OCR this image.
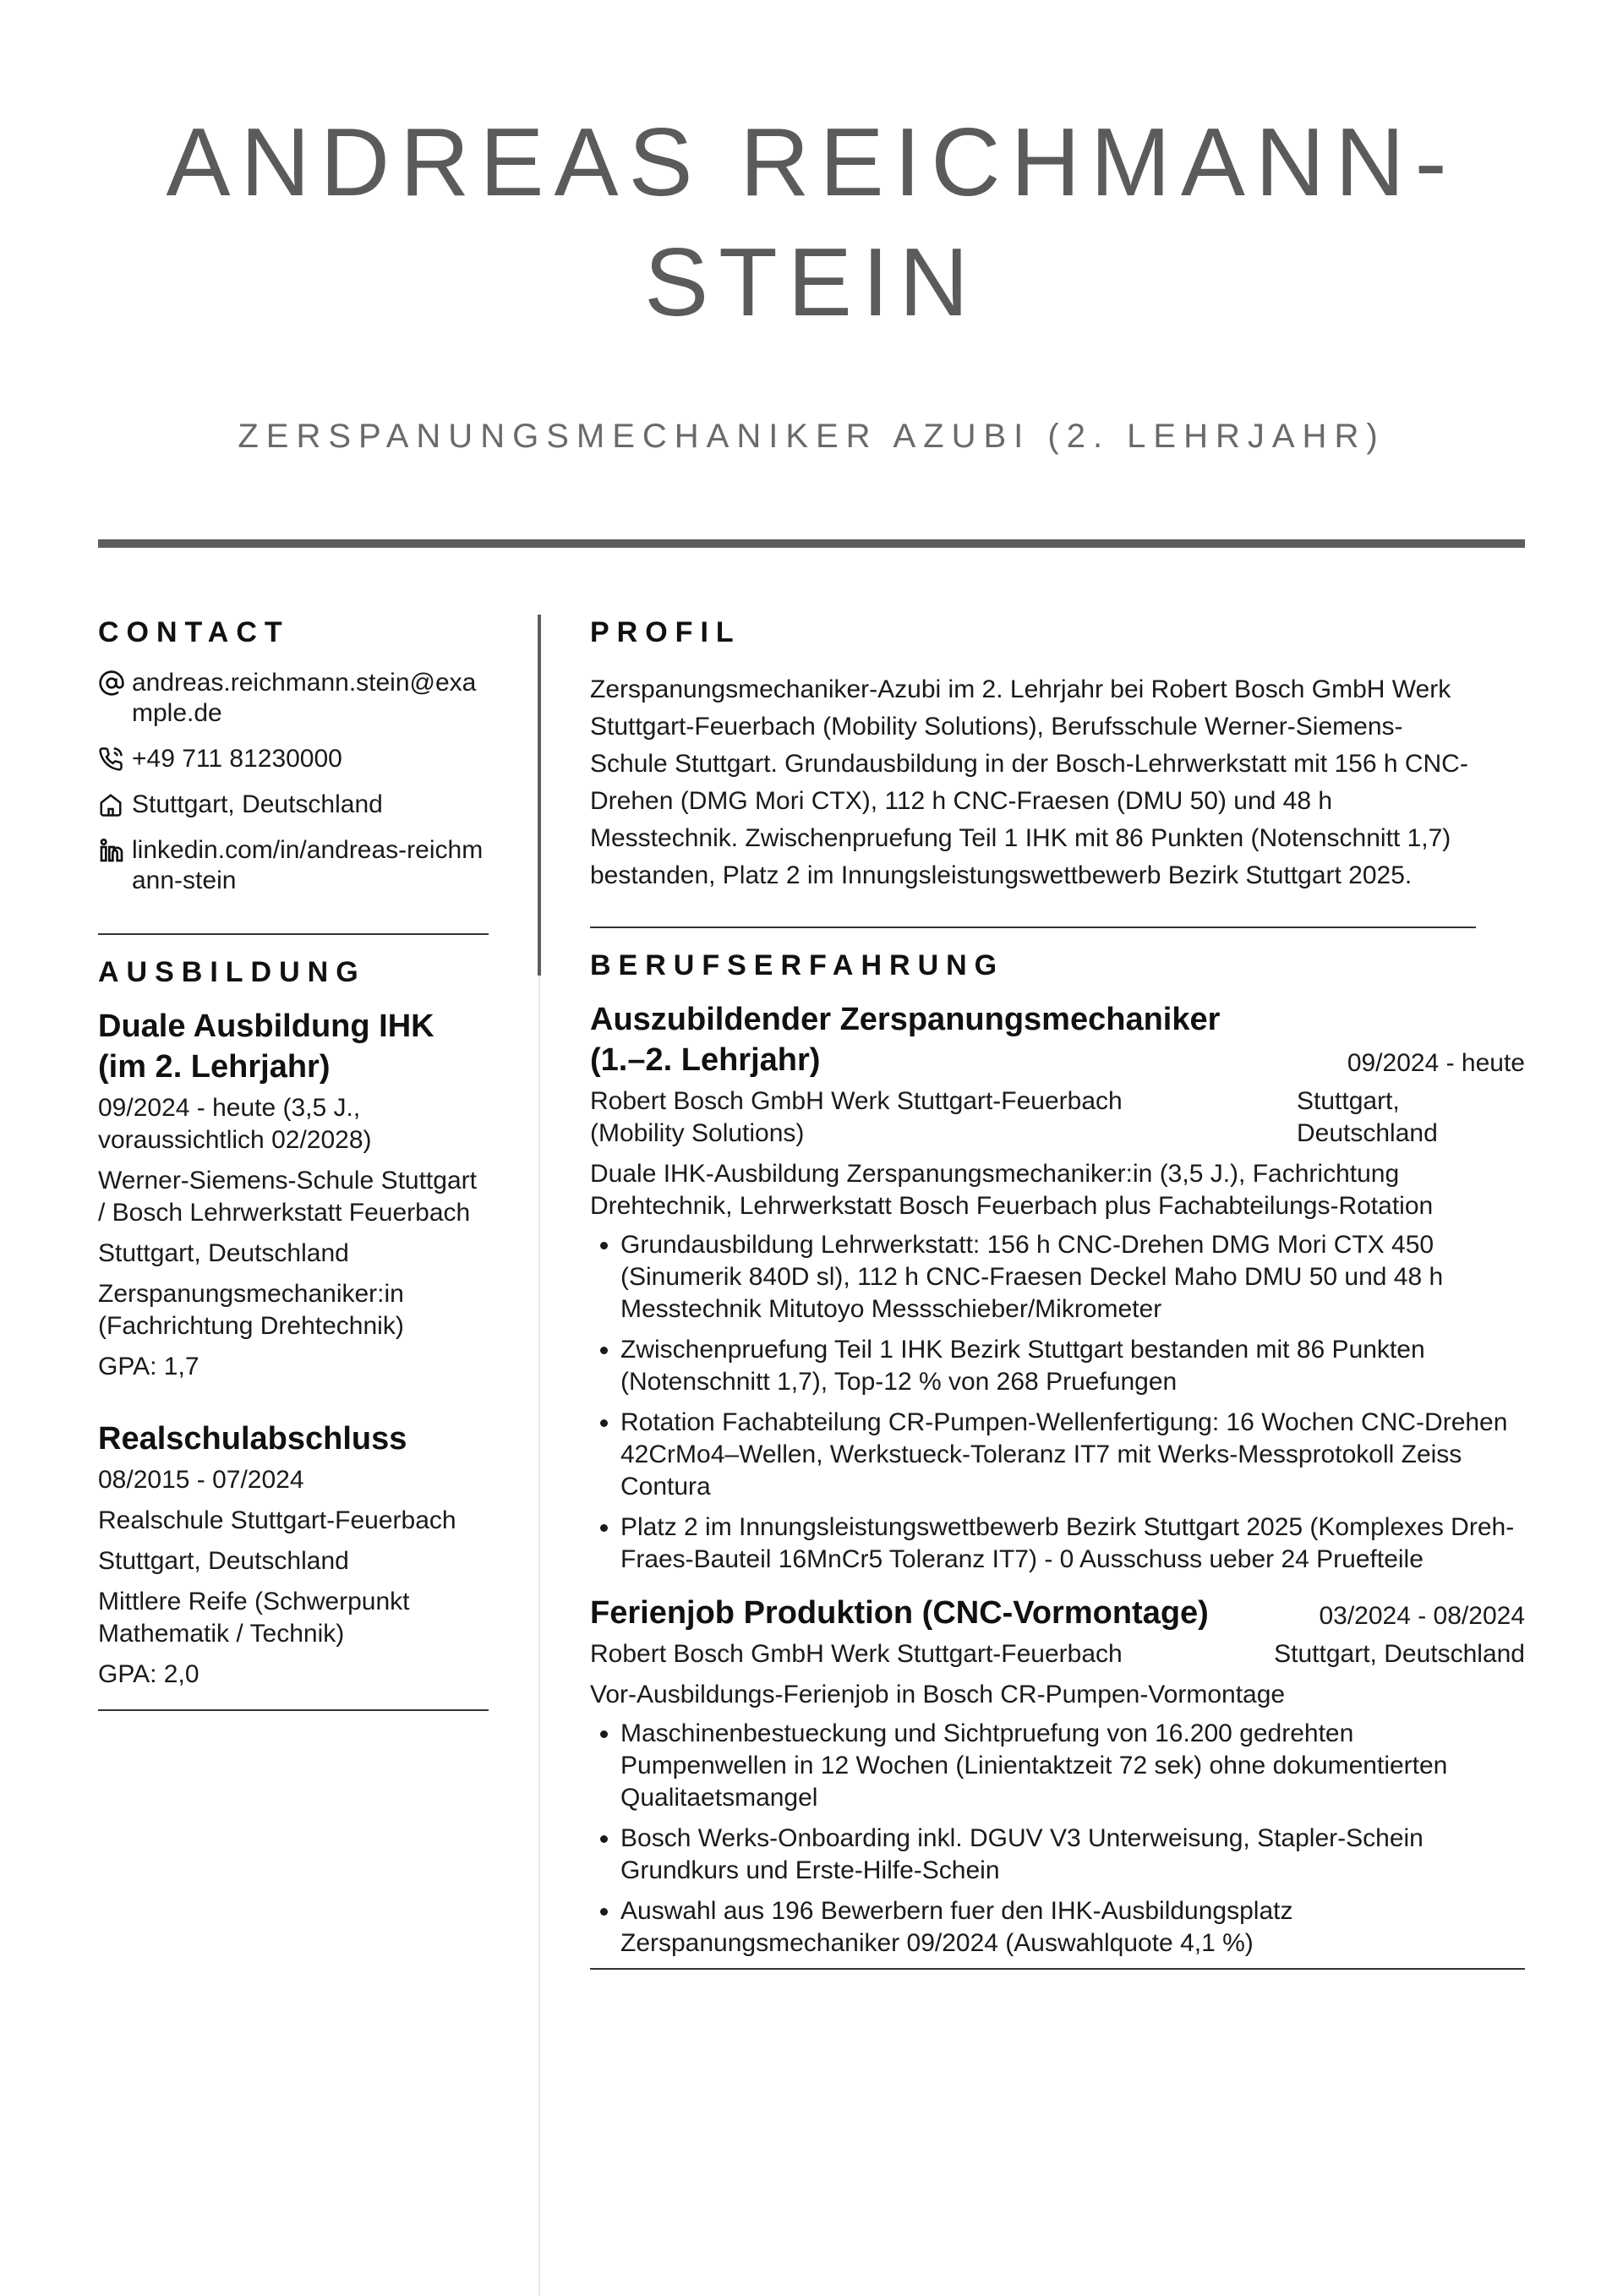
ANDREAS REICHMANN-
STEIN
ZERSPANUNGSMECHANIKER AZUBI (2. LEHRJAHR)
CONTACT
andreas.reichmann.stein@example.de
+49 711 81230000
Stuttgart, Deutschland
linkedin.com/in/andreas-reichmann-stein
AUSBILDUNG
Duale Ausbildung IHK (im 2. Lehrjahr)
09/2024 - heute (3,5 J., voraussichtlich 02/2028)
Werner-Siemens-Schule Stuttgart / Bosch Lehrwerkstatt Feuerbach
Stuttgart, Deutschland
Zerspanungsmechaniker:in (Fachrichtung Drehtechnik)
GPA: 1,7
Realschulabschluss
08/2015 - 07/2024
Realschule Stuttgart-Feuerbach
Stuttgart, Deutschland
Mittlere Reife (Schwerpunkt Mathematik / Technik)
GPA: 2,0
PROFIL
Zerspanungsmechaniker-Azubi im 2. Lehrjahr bei Robert Bosch GmbH Werk Stuttgart-Feuerbach (Mobility Solutions), Berufsschule Werner-Siemens-Schule Stuttgart. Grundausbildung in der Bosch-Lehrwerkstatt mit 156 h CNC-Drehen (DMG Mori CTX), 112 h CNC-Fraesen (DMU 50) und 48 h Messtechnik. Zwischenpruefung Teil 1 IHK mit 86 Punkten (Notenschnitt 1,7) bestanden, Platz 2 im Innungsleistungswettbewerb Bezirk Stuttgart 2025.
BERUFSERFAHRUNG
Auszubildender Zerspanungsmechaniker (1.–2. Lehrjahr)	09/2024 - heute
Robert Bosch GmbH Werk Stuttgart-Feuerbach (Mobility Solutions)
Stuttgart, Deutschland
Duale IHK-Ausbildung Zerspanungsmechaniker:in (3,5 J.), Fachrichtung Drehtechnik, Lehrwerkstatt Bosch Feuerbach plus Fachabteilungs-Rotation
• Grundausbildung Lehrwerkstatt: 156 h CNC-Drehen DMG Mori CTX 450 (Sinumerik 840D sl), 112 h CNC-Fraesen Deckel Maho DMU 50 und 48 h Messtechnik Mitutoyo Messschieber/Mikrometer
• Zwischenpruefung Teil 1 IHK Bezirk Stuttgart bestanden mit 86 Punkten (Notenschnitt 1,7), Top-12 % von 268 Pruefungen
• Rotation Fachabteilung CR-Pumpen-Wellenfertigung: 16 Wochen CNC-Drehen 42CrMo4–Wellen, Werkstueck-Toleranz IT7 mit Werks-Messprotokoll Zeiss Contura
• Platz 2 im Innungsleistungswettbewerb Bezirk Stuttgart 2025 (Komplexes Dreh-Fraes-Bauteil 16MnCr5 Toleranz IT7) - 0 Ausschuss ueber 24 Pruefteile
Ferienjob Produktion (CNC-Vormontage)	03/2024 - 08/2024
Robert Bosch GmbH Werk Stuttgart-Feuerbach	Stuttgart, Deutschland
Vor-Ausbildungs-Ferienjob in Bosch CR-Pumpen-Vormontage
• Maschinenbestueckung und Sichtpruefung von 16.200 gedrehten Pumpenwellen in 12 Wochen (Linientaktzeit 72 sek) ohne dokumentierten Qualitaetsmangel
• Bosch Werks-Onboarding inkl. DGUV V3 Unterweisung, Stapler-Schein Grundkurs und Erste-Hilfe-Schein
• Auswahl aus 196 Bewerbern fuer den IHK-Ausbildungsplatz Zerspanungsmechaniker 09/2024 (Auswahlquote 4,1 %)
